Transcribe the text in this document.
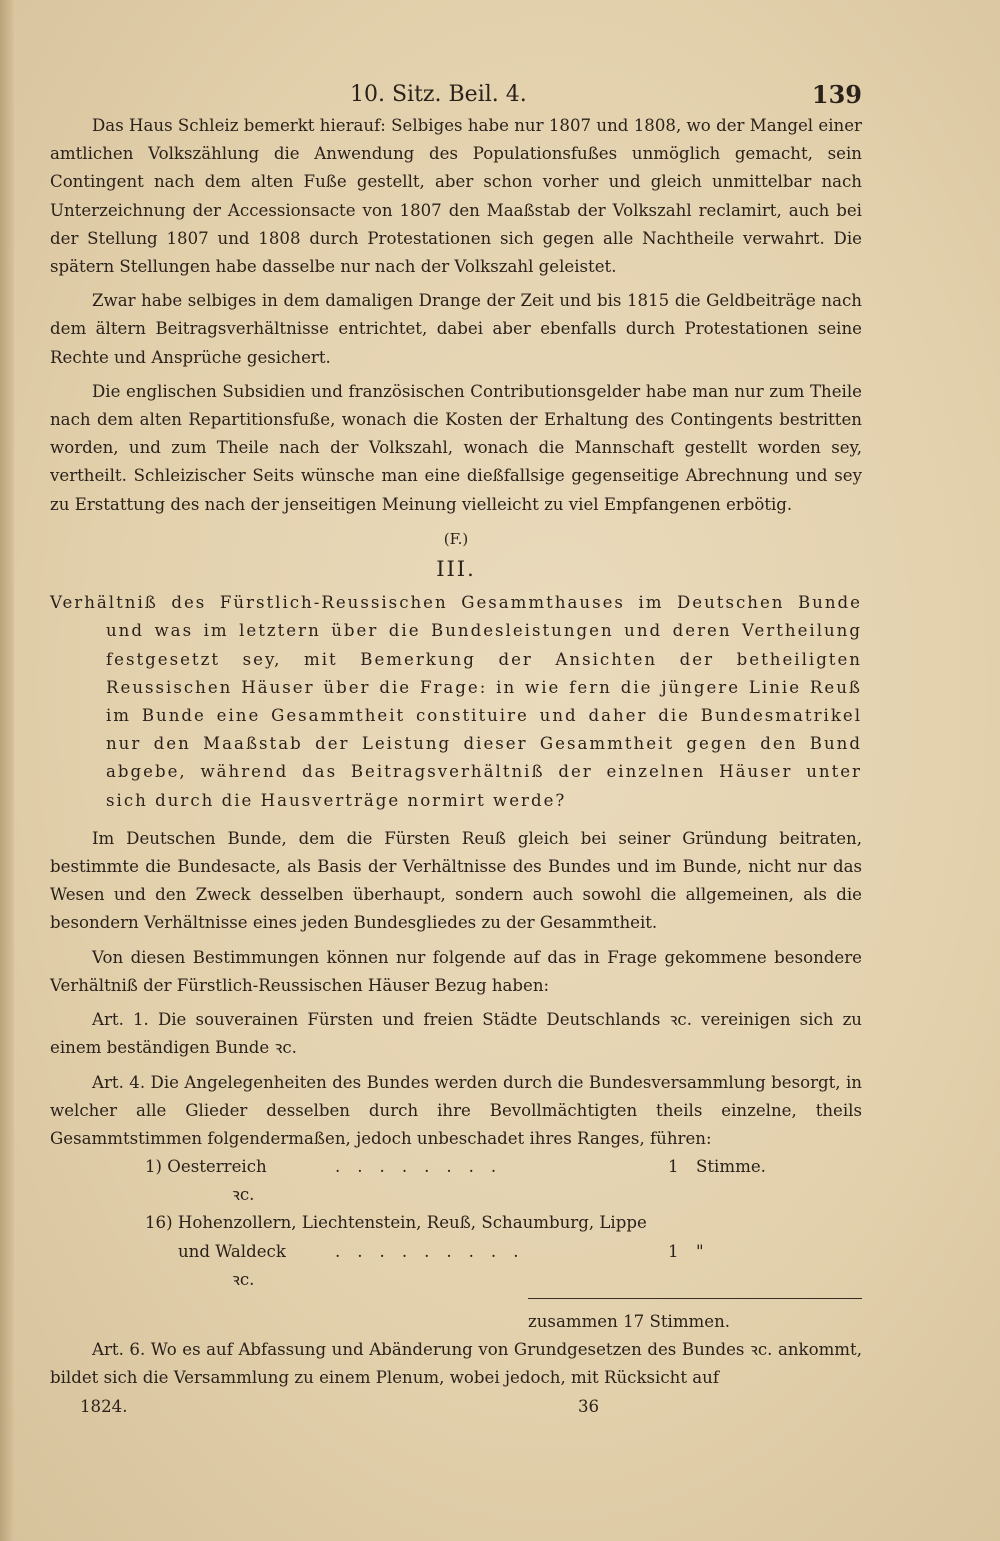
10. Sitz. Beil. 4.	139

Das Haus Schleiz bemerkt hierauf: Selbiges habe nur 1807 und 1808, wo der Mangel einer amtlichen Volkszählung die Anwendung des Populationsfußes unmöglich gemacht, sein Contingent nach dem alten Fuße gestellt, aber schon vorher und gleich unmittelbar nach Unterzeichnung der Accessionsacte von 1807 den Maaßstab der Volkszahl reclamirt, auch bei der Stellung 1807 und 1808 durch Protestationen sich gegen alle Nachtheile verwahrt. Die spätern Stellungen habe dasselbe nur nach der Volkszahl geleistet.

Zwar habe selbiges in dem damaligen Drange der Zeit und bis 1815 die Geldbeiträge nach dem ältern Beitragsverhältnisse entrichtet, dabei aber ebenfalls durch Protestationen seine Rechte und Ansprüche gesichert.

Die englischen Subsidien und französischen Contributionsgelder habe man nur zum Theile nach dem alten Repartitionsfuße, wonach die Kosten der Erhaltung des Contingents bestritten worden, und zum Theile nach der Volkszahl, wonach die Mannschaft gestellt worden sey, vertheilt. Schleizischer Seits wünsche man eine dießfallsige gegenseitige Abrechnung und sey zu Erstattung des nach der jenseitigen Meinung vielleicht zu viel Empfangenen erbötig.

(F.)

III.

Verhältniß des Fürstlich-Reussischen Gesammthauses im Deutschen Bunde und was im letztern über die Bundesleistungen und deren Vertheilung festgesetzt sey, mit Bemerkung der Ansichten der betheiligten Reussischen Häuser über die Frage: in wie fern die jüngere Linie Reuß im Bunde eine Gesammtheit constituire und daher die Bundesmatrikel nur den Maaßstab der Leistung dieser Gesammtheit gegen den Bund abgebe, während das Beitragsverhältniß der einzelnen Häuser unter sich durch die Hausverträge normirt werde?

Im Deutschen Bunde, dem die Fürsten Reuß gleich bei seiner Gründung beitraten, bestimmte die Bundesacte, als Basis der Verhältnisse des Bundes und im Bunde, nicht nur das Wesen und den Zweck desselben überhaupt, sondern auch sowohl die allgemeinen, als die besondern Verhältnisse eines jeden Bundesgliedes zu der Gesammtheit.

Von diesen Bestimmungen können nur folgende auf das in Frage gekommene besondere Verhältniß der Fürstlich-Reussischen Häuser Bezug haben:

Art. 1. Die souverainen Fürsten und freien Städte Deutschlands ꝛc. vereinigen sich zu einem beständigen Bunde ꝛc.

Art. 4. Die Angelegenheiten des Bundes werden durch die Bundesversammlung besorgt, in welcher alle Glieder desselben durch ihre Bevollmächtigten theils einzelne, theils Gesammtstimmen folgendermaßen, jedoch unbeschadet ihres Ranges, führen:

1) Oesterreich	........	1 Stimme.
ꝛc.
16) Hohenzollern, Liechtenstein, Reuß, Schaumburg, Lippe
und Waldeck	.........	1 "
ꝛc.
zusammen 17 Stimmen.

Art. 6. Wo es auf Abfassung und Abänderung von Grundgesetzen des Bundes ꝛc. ankommt, bildet sich die Versammlung zu einem Plenum, wobei jedoch, mit Rücksicht auf

1824.	36
